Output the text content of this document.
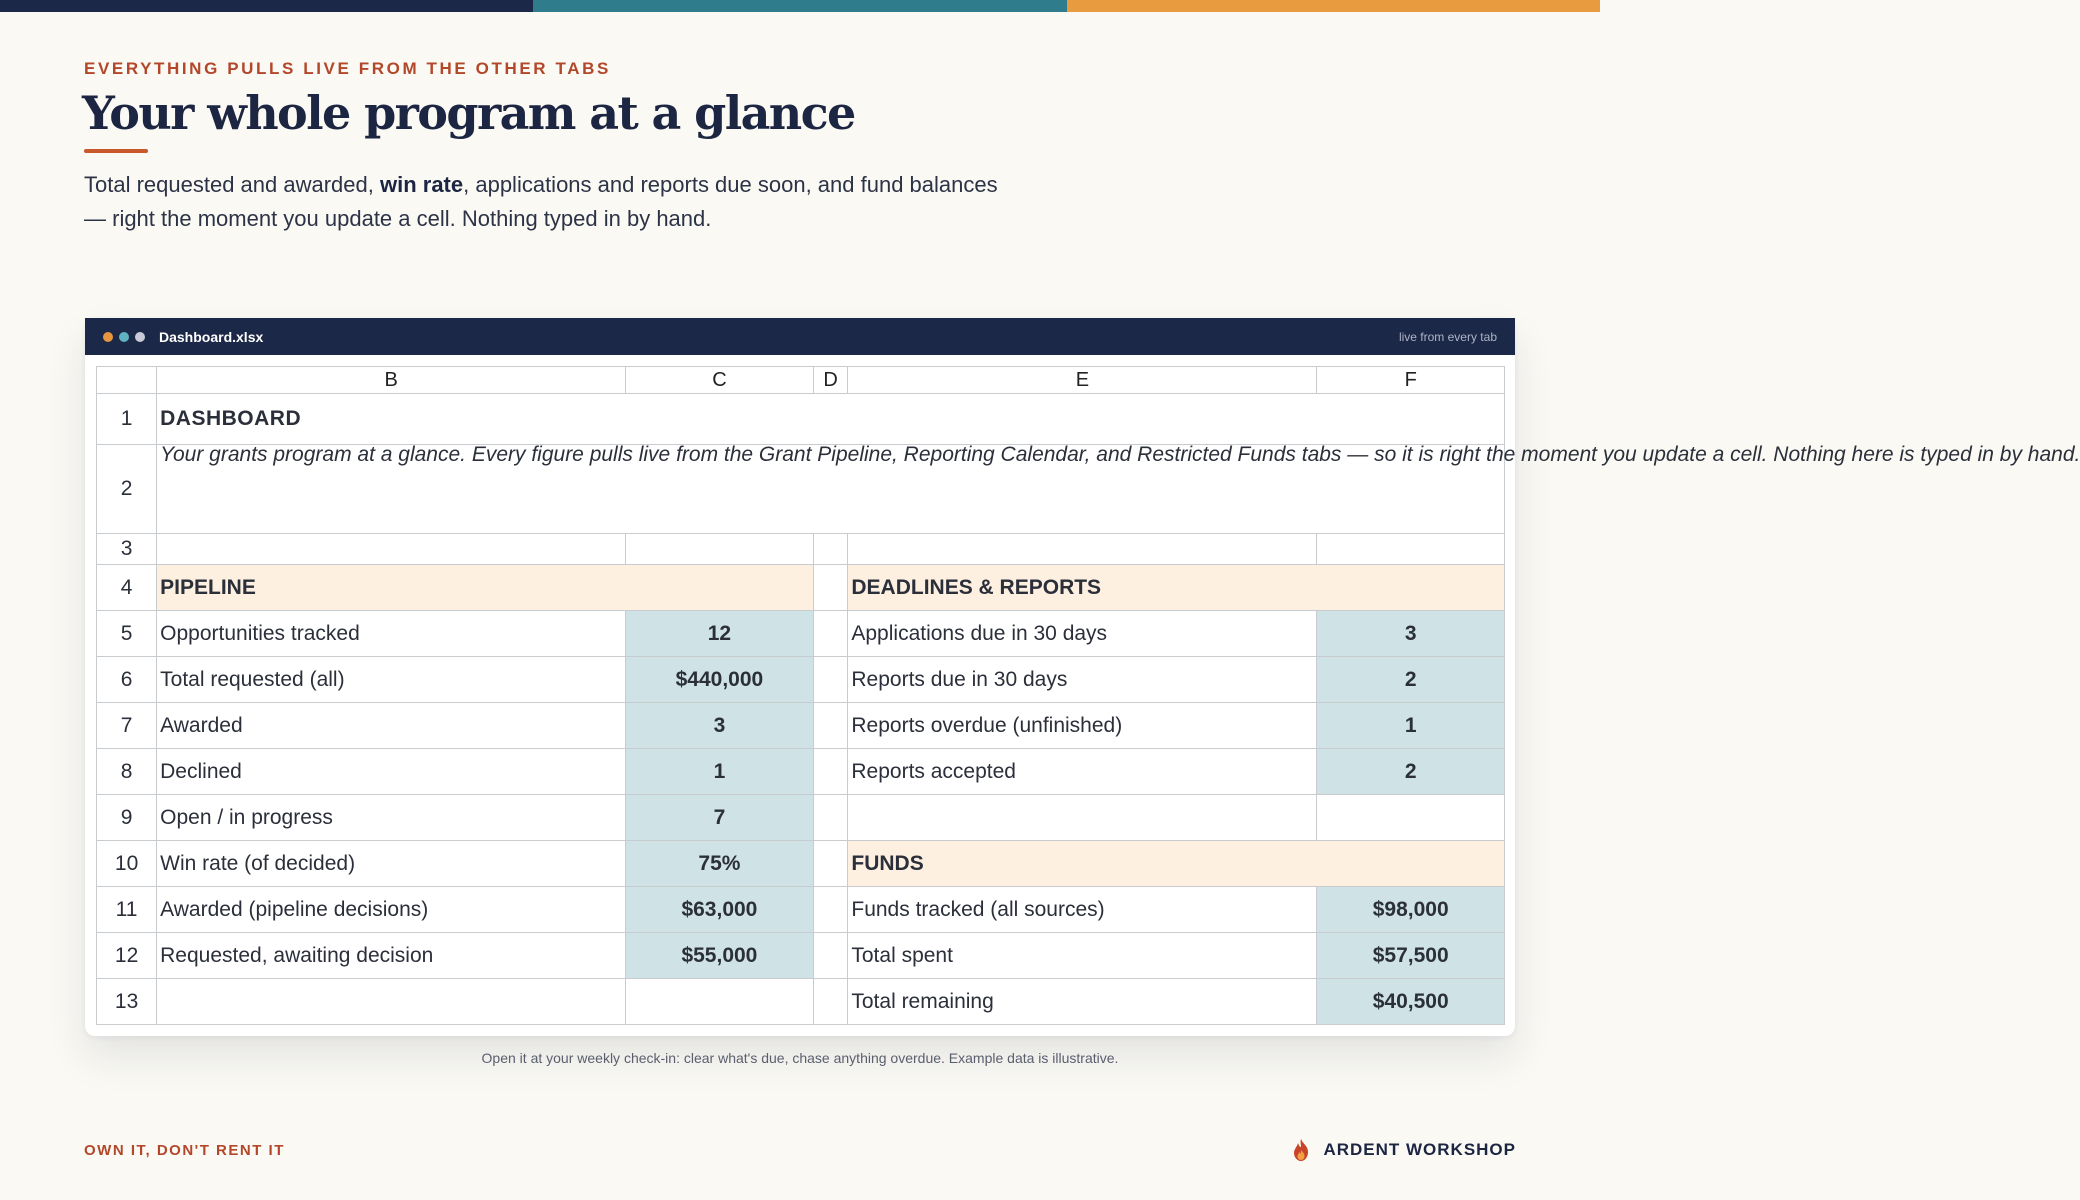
EVERYTHING PULLS LIVE FROM THE OTHER TABS
Your whole program at a glance

Total requested and awarded, win rate, applications and reports due soon, and fund balances — right the moment you update a cell. Nothing typed in by hand.

Dashboard.xlsx	live from every tab
	B	C	D	E	F
1	DASHBOARD				
2	Your grants program at a glance. Every figure pulls live from the Grant Pipeline, Reporting Calendar, and Restricted Funds tabs — so it is right the moment you update a cell. Nothing here is typed in by hand.				
3					
4	PIPELINE			DEADLINES & REPORTS	
5	Opportunities tracked	12		Applications due in 30 days	3
6	Total requested (all)	$440,000		Reports due in 30 days	2
7	Awarded	3		Reports overdue (unfinished)	1
8	Declined	1		Reports accepted	2
9	Open / in progress	7			
10	Win rate (of decided)	75%		FUNDS	
11	Awarded (pipeline decisions)	$63,000		Funds tracked (all sources)	$98,000
12	Requested, awaiting decision	$55,000		Total spent	$57,500
13				Total remaining	$40,500
Open it at your weekly check-in: clear what's due, chase anything overdue. Example data is illustrative.
OWN IT, DON'T RENT IT	ARDENT WORKSHOP
